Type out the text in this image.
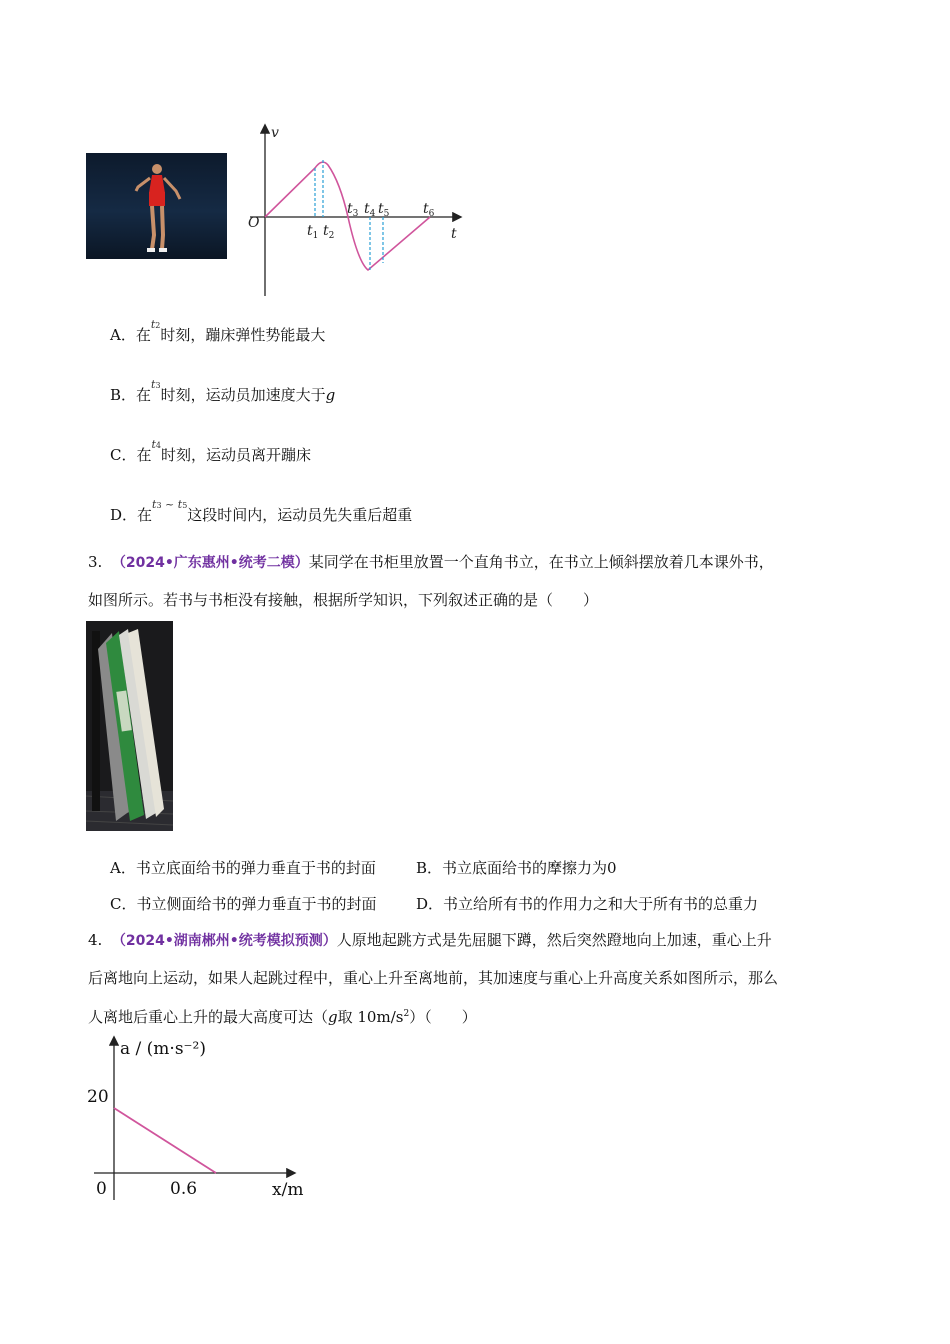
v
t
O	$t_1$ $t_2$
$t_3$ $t_4$ $t_5$ $t_6$
A．在$^{t2}$时刻，蹦床弹性势能最大
B．在$^{t3}$时刻，运动员加速度大于g
C．在$^{t4}$时刻，运动员离开蹦床
D．在$^{t3 \sim t5}$这段时间内，运动员先失重后超重
3. （2024•广东惠州•统考二模）某同学在书柜里放置一个直角书立，在书立上倾斜摆放着几本课外书，
如图所示。若书与书柜没有接触，根据所学知识，下列叙述正确的是（　　）
A．书立底面给书的弹力垂直于书的封面	B．书立底面给书的摩擦力为0
C．书立侧面给书的弹力垂直于书的封面	D．书立给所有书的作用力之和大于所有书的总重力
4. （2024•湖南郴州•统考模拟预测）人原地起跳方式是先屈腿下蹲，然后突然蹬地向上加速，重心上升
后离地向上运动，如果人起跳过程中，重心上升至离地前，其加速度与重心上升高度关系如图所示，那么
人离地后重心上升的最大高度可达（g取 $10m/s^2$）（　　）
a / (m·s⁻²)
20
0	0.6	x/m
